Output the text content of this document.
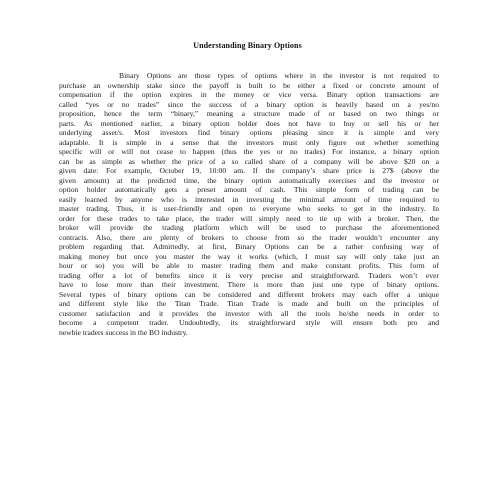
Understanding Binary Options
Binary Options are those types of options where in the investor is not required to
purchase an ownership stake since the payoff is built to be either a fixed or concrete amount of
compensation if the option expires in the money or vice versa. Binary option transactions are
called “yes or no trades” since the success of a binary option is heavily based on a yes/no
proposition, hence the term “binary,” meaning a structure made of or based on two things or
parts. As mentioned earlier, a binary option holder does not have to buy or sell his or her
underlying asset/s. Most investors find binary options pleasing since it is simple and very
adaptable. It is simple in a sense that the investors must only figure out whether something
specific will or will not cease to happen (thus the yes or no trades) For instance, a binary option
can be as simple as whether the price of a so called share of a company will be above $20 on a
given date: For example, October 19, 10:00 am. If the company’s share price is 27$ (above the
given amount) at the predicted time, the binary option automatically exercises and the investor or
option holder automatically gets a preset amount of cash. This simple form of trading can be
easily learned by anyone who is interested in investing the minimal amount of time required to
master trading. Thus, it is user-friendly and open to everyone who seeks to get in the industry. In
order for these trades to take place, the trader will simply need to tie up with a broker. Then, the
broker will provide the trading platform which will be used to purchase the aforementioned
contracts. Also, there are plenty of brokers to choose from so the trader wouldn’t encounter any
problem regarding that. Admittedly, at first, Binary Options can be a rather confusing way of
making money but once you master the way it works (which, I must say will only take just an
hour or so) you will be able to master trading them and make constant profits. This form of
trading offer a lot of benefits since it is very precise and straightforward. Traders won’t ever
have to lose more than their investment. There is more than just one type of binary options.
Several types of binary options can be considered and different brokers may each offer a unique
and different style like the Titan Trade. Titan Trade is made and built on the principles of
customer satisfaction and it provides the investor with all the tools he/she needs in order to
become a competent trader. Undoubtedly, its straightforward style will ensure both pro and
newbie traders success in the BO industry.
